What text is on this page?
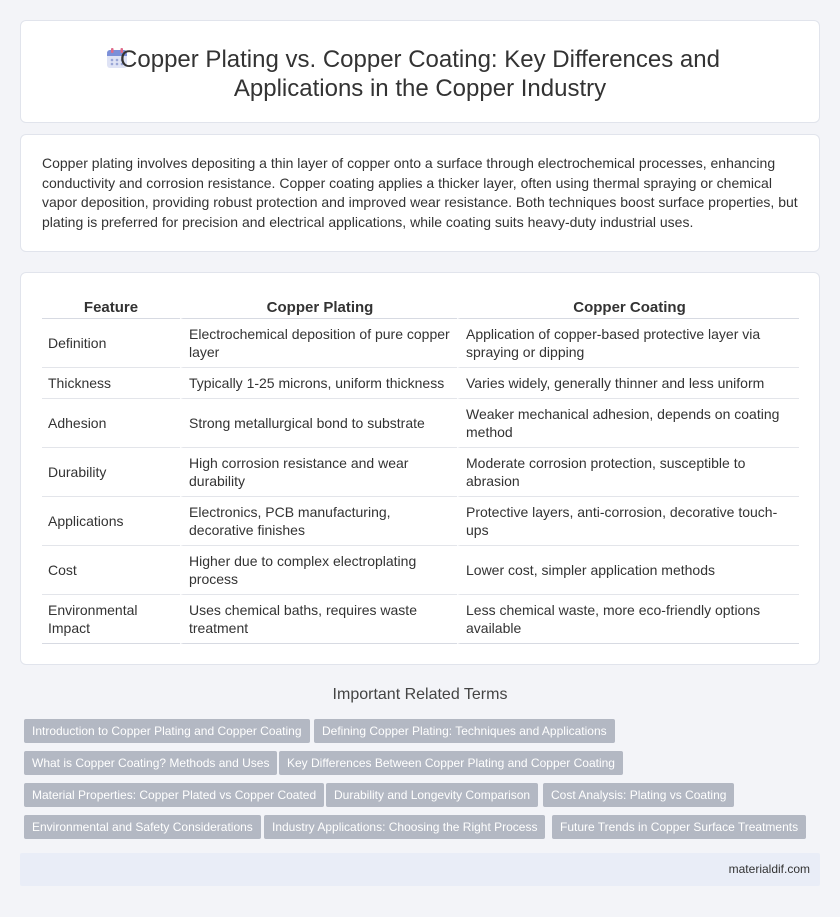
Copper Plating vs. Copper Coating: Key Differences and
Applications in the Copper Industry

Copper plating involves depositing a thin layer of copper onto a surface through electrochemical processes, enhancing conductivity and corrosion resistance. Copper coating applies a thicker layer, often using thermal spraying or chemical vapor deposition, providing robust protection and improved wear resistance. Both techniques boost surface properties, but plating is preferred for precision and electrical applications, while coating suits heavy-duty industrial uses.

Feature	Copper Plating	Copper Coating
Definition	Electrochemical deposition of pure copper layer	Application of copper-based protective layer via spraying or dipping
Thickness	Typically 1-25 microns, uniform thickness	Varies widely, generally thinner and less uniform
Adhesion	Strong metallurgical bond to substrate	Weaker mechanical adhesion, depends on coating method
Durability	High corrosion resistance and wear durability	Moderate corrosion protection, susceptible to abrasion
Applications	Electronics, PCB manufacturing, decorative finishes	Protective layers, anti-corrosion, decorative touch-ups
Cost	Higher due to complex electroplating process	Lower cost, simpler application methods
Environmental Impact	Uses chemical baths, requires waste treatment	Less chemical waste, more eco-friendly options available
Important Related Terms
Introduction to Copper Plating and Copper Coating	Defining Copper Plating: Techniques and Applications
What is Copper Coating? Methods and Uses	Key Differences Between Copper Plating and Copper Coating
Material Properties: Copper Plated vs Copper Coated	Durability and Longevity Comparison	Cost Analysis: Plating vs Coating
Environmental and Safety Considerations	Industry Applications: Choosing the Right Process	Future Trends in Copper Surface Treatments
materialdif.com
